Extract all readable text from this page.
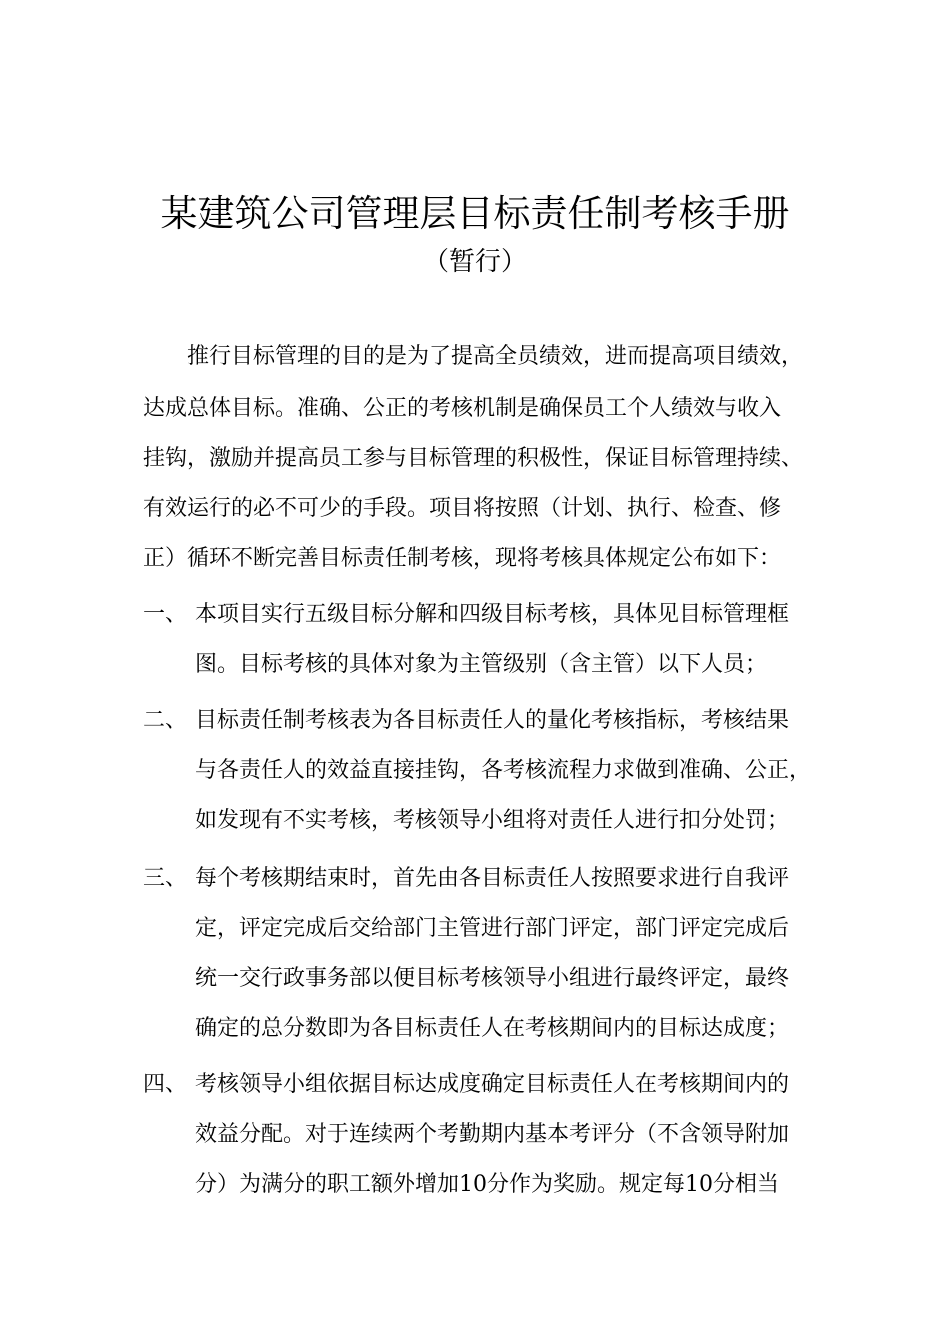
某建筑公司管理层目标责任制考核手册
（暂行）
推行目标管理的目的是为了提高全员绩效，进而提高项目绩效，
达成总体目标。准确、公正的考核机制是确保员工个人绩效与收入
挂钩，激励并提高员工参与目标管理的积极性，保证目标管理持续、
有效运行的必不可少的手段。项目将按照（计划、执行、检查、修
正）循环不断完善目标责任制考核，现将考核具体规定公布如下：
一、 本项目实行五级目标分解和四级目标考核，具体见目标管理框
图。目标考核的具体对象为主管级别（含主管）以下人员；
二、 目标责任制考核表为各目标责任人的量化考核指标，考核结果
与各责任人的效益直接挂钩，各考核流程力求做到准确、公正，
如发现有不实考核，考核领导小组将对责任人进行扣分处罚；
三、 每个考核期结束时，首先由各目标责任人按照要求进行自我评
定，评定完成后交给部门主管进行部门评定，部门评定完成后
统一交行政事务部以便目标考核领导小组进行最终评定，最终
确定的总分数即为各目标责任人在考核期间内的目标达成度；
四、 考核领导小组依据目标达成度确定目标责任人在考核期间内的
效益分配。对于连续两个考勤期内基本考评分（不含领导附加
分）为满分的职工额外增加10分作为奖励。规定每10分相当
